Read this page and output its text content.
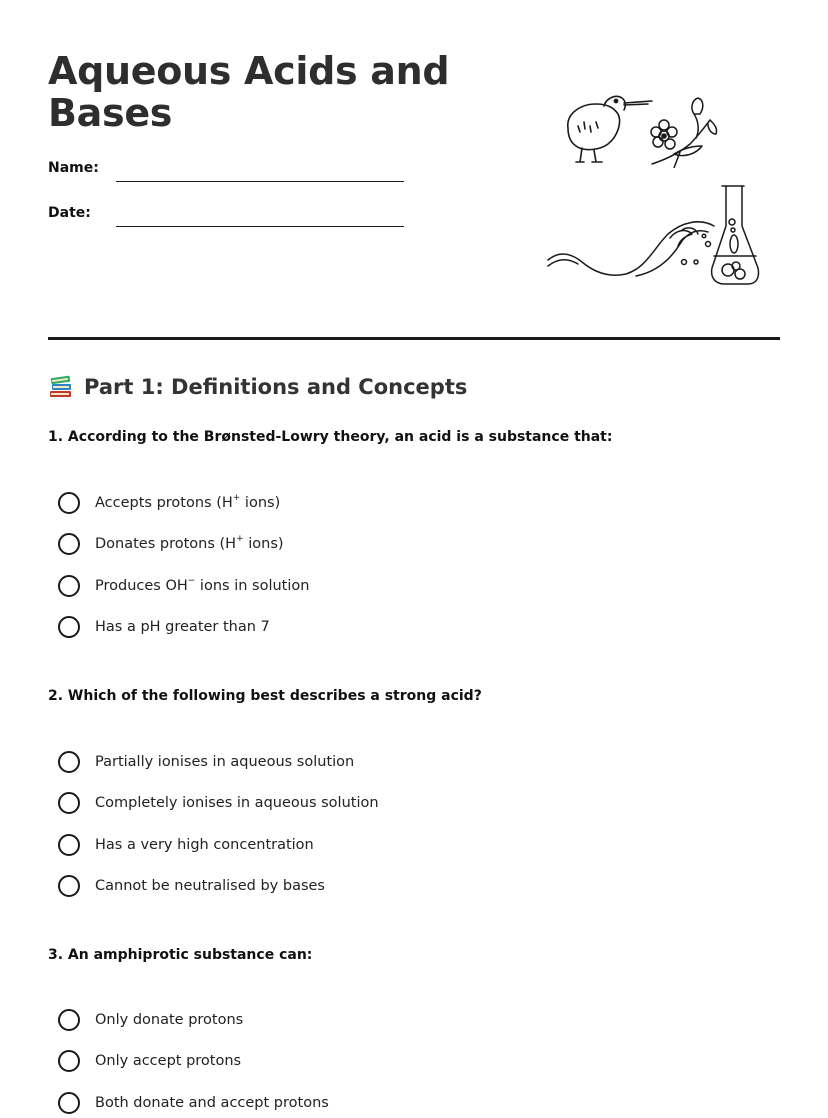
Aqueous Acids and Bases
Name:
Date:
Part 1: Definitions and Concepts
1. According to the Brønsted-Lowry theory, an acid is a substance that:
Accepts protons (H+ ions)
Donates protons (H+ ions)
Produces OH− ions in solution
Has a pH greater than 7
2. Which of the following best describes a strong acid?
Partially ionises in aqueous solution
Completely ionises in aqueous solution
Has a very high concentration
Cannot be neutralised by bases
3. An amphiprotic substance can:
Only donate protons
Only accept protons
Both donate and accept protons
